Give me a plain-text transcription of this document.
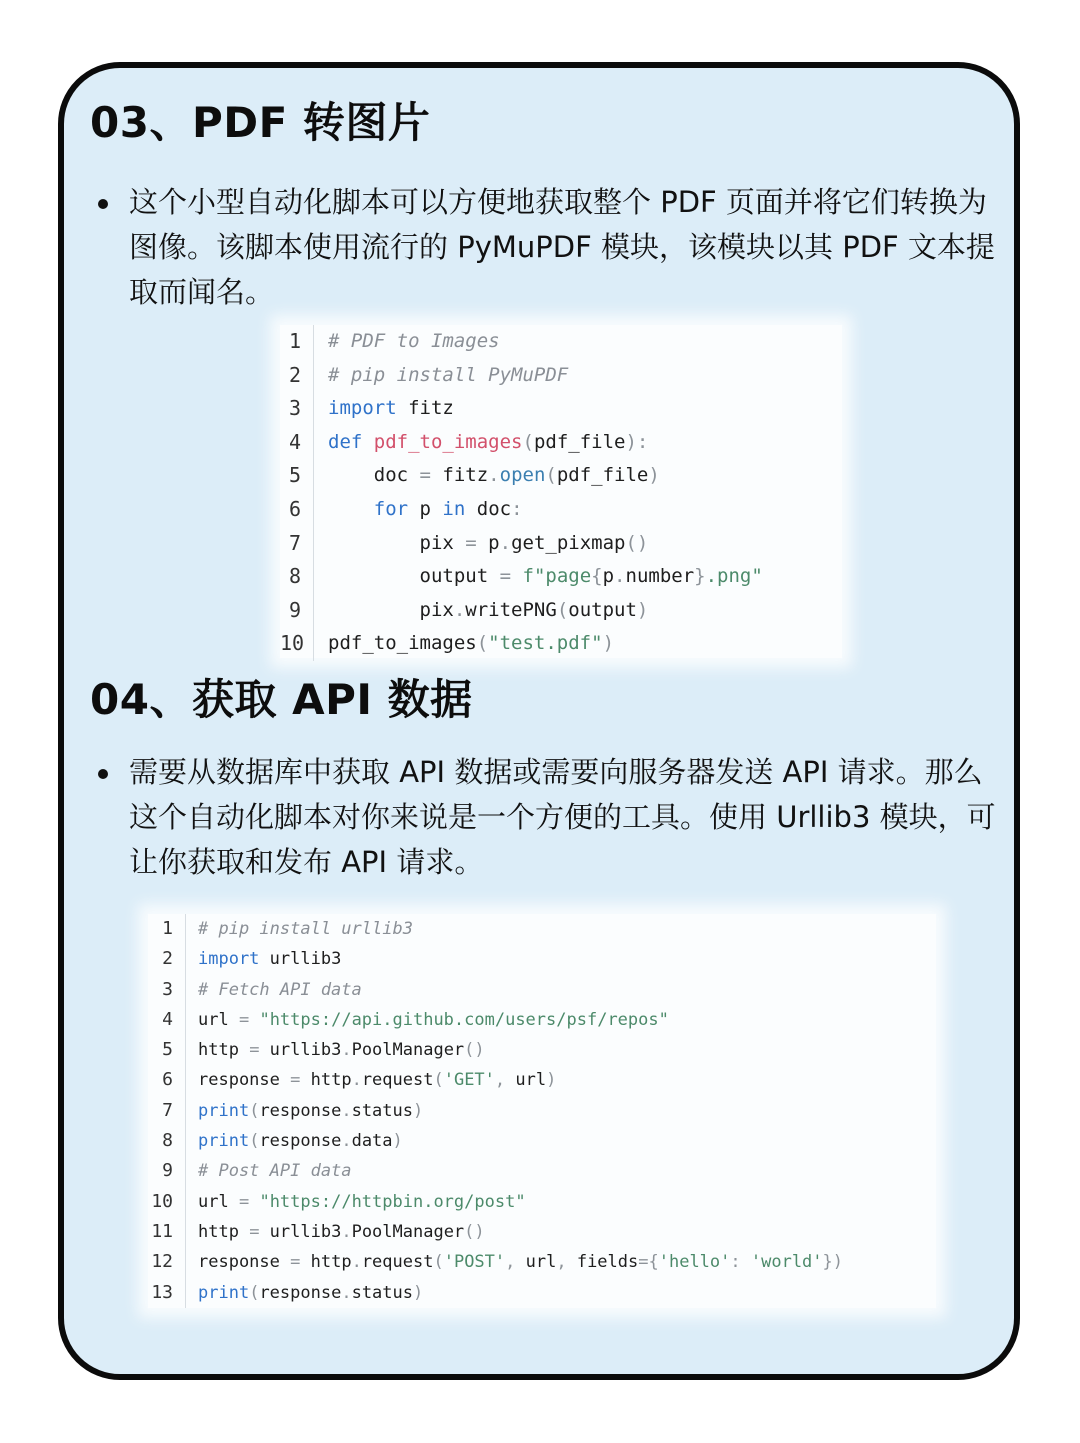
03、PDF 转图片
这个小型自动化脚本可以方便地获取整个 PDF 页面并将它们转换为图像。该脚本使用流行的 PyMuPDF 模块，该模块以其 PDF 文本提取而闻名。
1	# PDF to Images
2	# pip install PyMuPDF
3	import fitz
4	def pdf_to_images(pdf_file):
5	doc = fitz.open(pdf_file)
6	for p in doc:
7	pix = p.get_pixmap()
8	output = f"page{p.number}.png"
9	pix.writePNG(output)
10	pdf_to_images("test.pdf")
04、获取 API 数据
需要从数据库中获取 API 数据或需要向服务器发送 API 请求。那么这个自动化脚本对你来说是一个方便的工具。使用 Urllib3 模块，可让你获取和发布 API 请求。
1	# pip install urllib3
2	import urllib3
3	# Fetch API data
4	url = "https://api.github.com/users/psf/repos"
5	http = urllib3.PoolManager()
6	response = http.request('GET', url)
7	print(response.status)
8	print(response.data)
9	# Post API data
10	url = "https://httpbin.org/post"
11	http = urllib3.PoolManager()
12	response = http.request('POST', url, fields={'hello': 'world'})
13	print(response.status)
